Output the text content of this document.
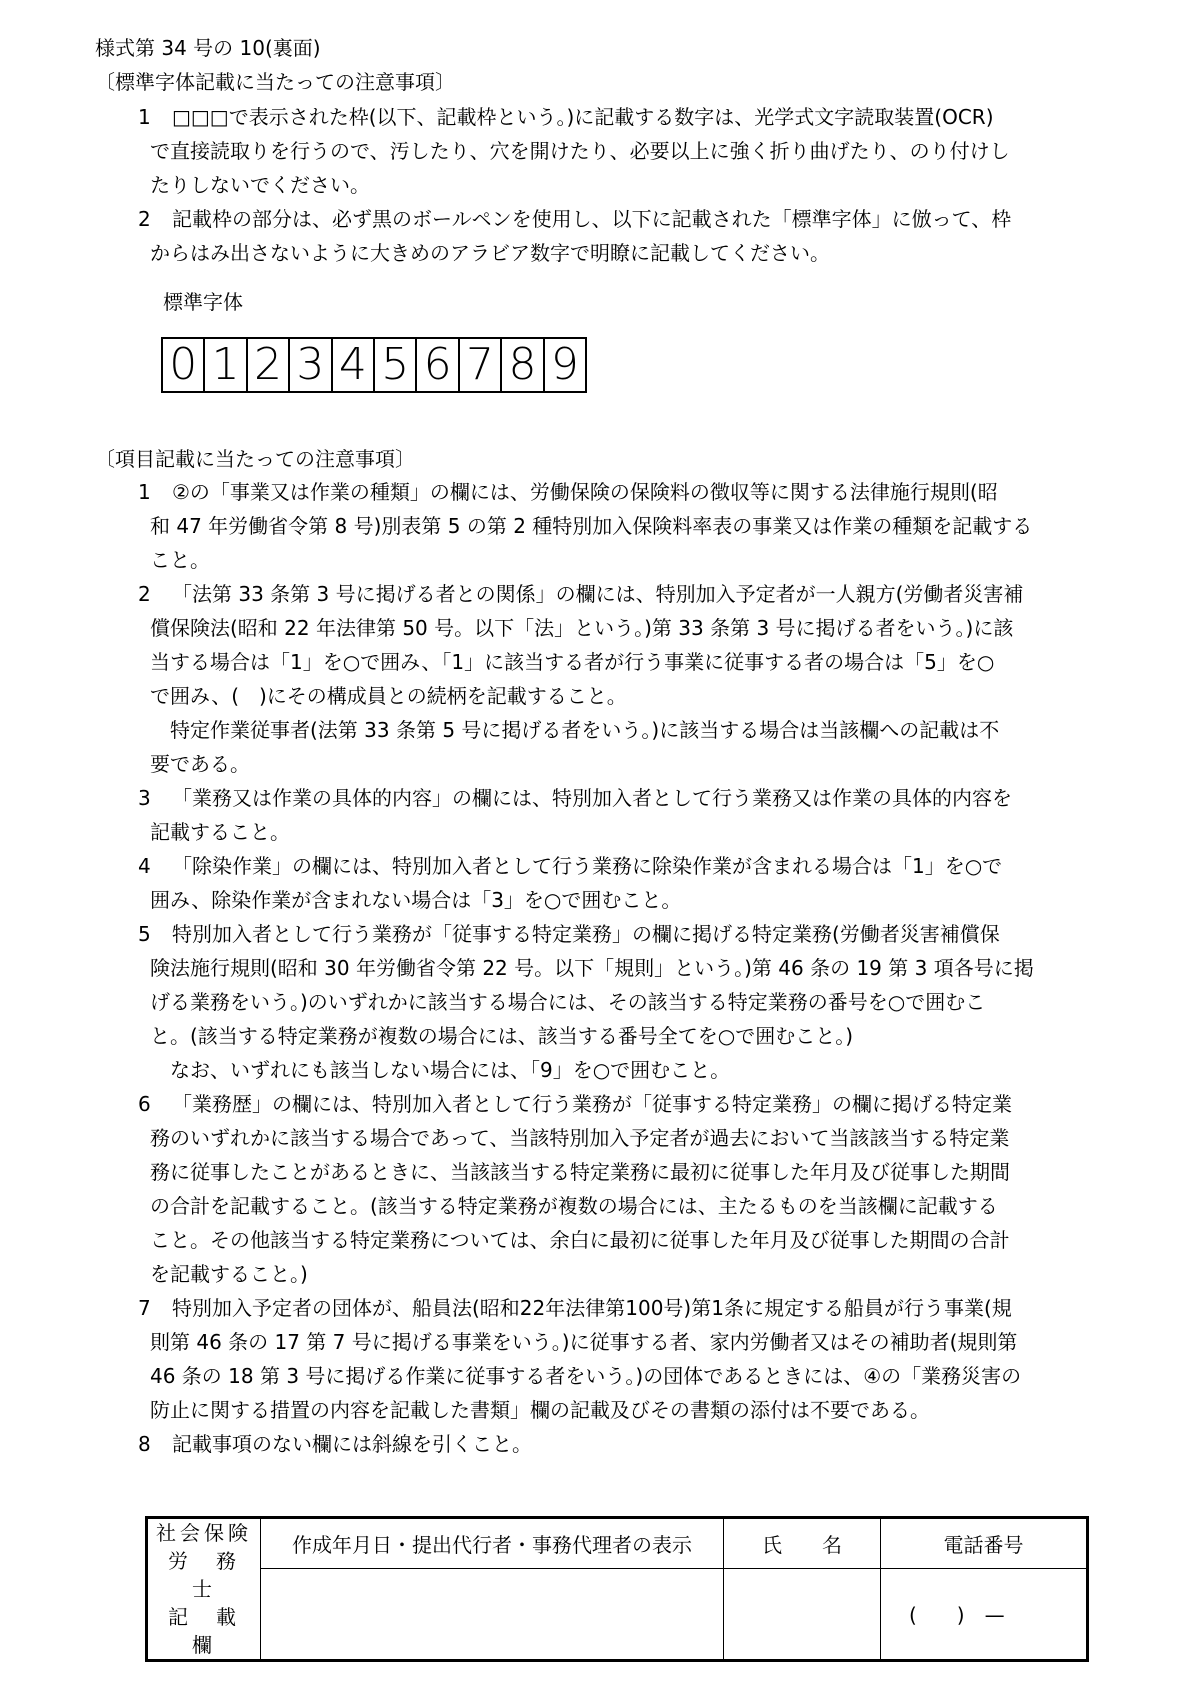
様式第 34 号の 10(裏面)
〔標準字体記載に当たっての注意事項〕
1 □□□で表示された枠(以下、記載枠という。)に記載する数字は、光学式文字読取装置(OCR)
で直接読取りを行うので、汚したり、穴を開けたり、必要以上に強く折り曲げたり、のり付けし
たりしないでください。
2 記載枠の部分は、必ず黒のボールペンを使用し、以下に記載された「標準字体」に倣って、枠
からはみ出さないように大きめのアラビア数字で明瞭に記載してください。
標準字体
0 1 2 3 4 5 6 7 8 9
〔項目記載に当たっての注意事項〕
1 ②の「事業又は作業の種類」の欄には、労働保険の保険料の徴収等に関する法律施行規則(昭
和 47 年労働省令第 8 号)別表第 5 の第 2 種特別加入保険料率表の事業又は作業の種類を記載する
こと。
2 「法第 33 条第 3 号に掲げる者との関係」の欄には、特別加入予定者が一人親方(労働者災害補
償保険法(昭和 22 年法律第 50 号。以下「法」という。)第 33 条第 3 号に掲げる者をいう。)に該
当する場合は「1」を○で囲み、「1」に該当する者が行う事業に従事する者の場合は「5」を○
で囲み、(　)にその構成員との続柄を記載すること。
　特定作業従事者(法第 33 条第 5 号に掲げる者をいう。)に該当する場合は当該欄への記載は不
要である。
3 「業務又は作業の具体的内容」の欄には、特別加入者として行う業務又は作業の具体的内容を
記載すること。
4 「除染作業」の欄には、特別加入者として行う業務に除染作業が含まれる場合は「1」を○で
囲み、除染作業が含まれない場合は「3」を○で囲むこと。
5 特別加入者として行う業務が「従事する特定業務」の欄に掲げる特定業務(労働者災害補償保
険法施行規則(昭和 30 年労働省令第 22 号。以下「規則」という。)第 46 条の 19 第 3 項各号に掲
げる業務をいう。)のいずれかに該当する場合には、その該当する特定業務の番号を○で囲むこ
と。(該当する特定業務が複数の場合には、該当する番号全てを○で囲むこと。)
　なお、いずれにも該当しない場合には、「9」を○で囲むこと。
6 「業務歴」の欄には、特別加入者として行う業務が「従事する特定業務」の欄に掲げる特定業
務のいずれかに該当する場合であって、当該特別加入予定者が過去において当該該当する特定業
務に従事したことがあるときに、当該該当する特定業務に最初に従事した年月及び従事した期間
の合計を記載すること。(該当する特定業務が複数の場合には、主たるものを当該欄に記載する
こと。その他該当する特定業務については、余白に最初に従事した年月及び従事した期間の合計
を記載すること。)
7 特別加入予定者の団体が、船員法(昭和22年法律第100号)第1条に規定する船員が行う事業(規
則第 46 条の 17 第 7 号に掲げる事業をいう。)に従事する者、家内労働者又はその補助者(規則第
46 条の 18 第 3 号に掲げる作業に従事する者をいう。)の団体であるときには、④の「業務災害の
防止に関する措置の内容を記載した書類」欄の記載及びその書類の添付は不要である。
8 記載事項のない欄には斜線を引くこと。
社会保険
労　務　士
記　載　欄	作成年月日・提出代行者・事務代理者の表示	氏　　名	電話番号
			(　　)　—
